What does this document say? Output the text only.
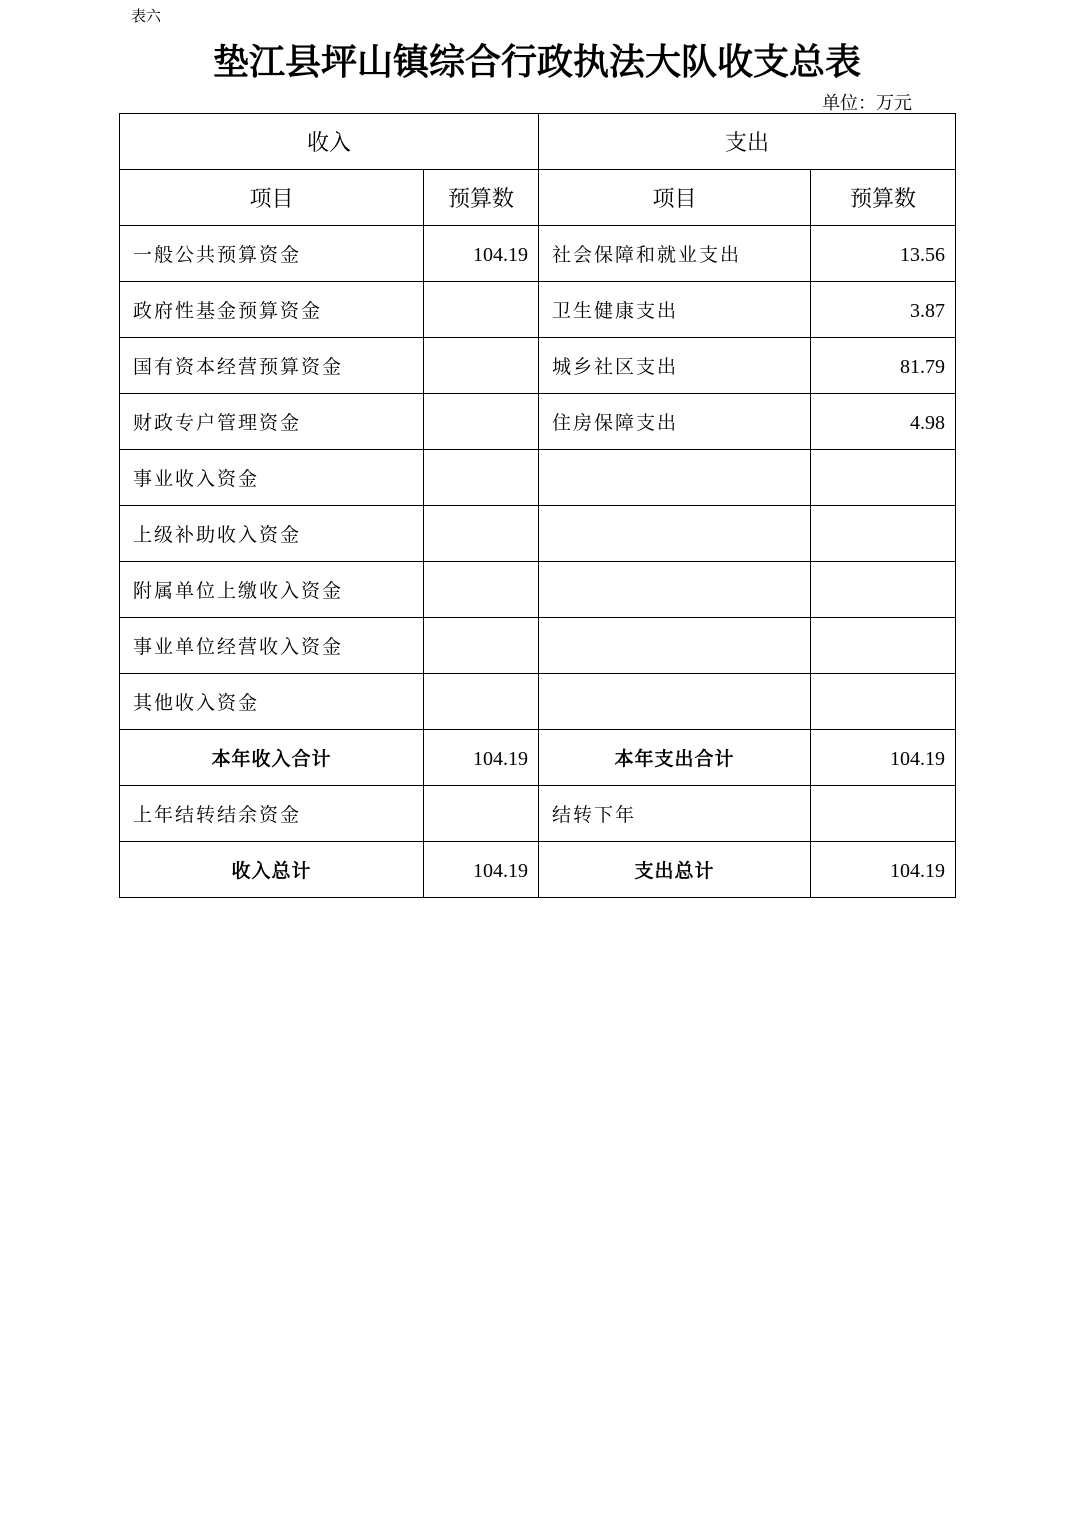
表六
垫江县坪山镇综合行政执法大队收支总表
单位：万元
收入		支出	
项目	预算数	项目	预算数
一般公共预算资金	104.19	社会保障和就业支出	13.56
政府性基金预算资金		卫生健康支出	3.87
国有资本经营预算资金		城乡社区支出	81.79
财政专户管理资金		住房保障支出	4.98
事业收入资金			
上级补助收入资金			
附属单位上缴收入资金			
事业单位经营收入资金			
其他收入资金			
本年收入合计	104.19	本年支出合计	104.19
上年结转结余资金		结转下年	
收入总计	104.19	支出总计	104.19
